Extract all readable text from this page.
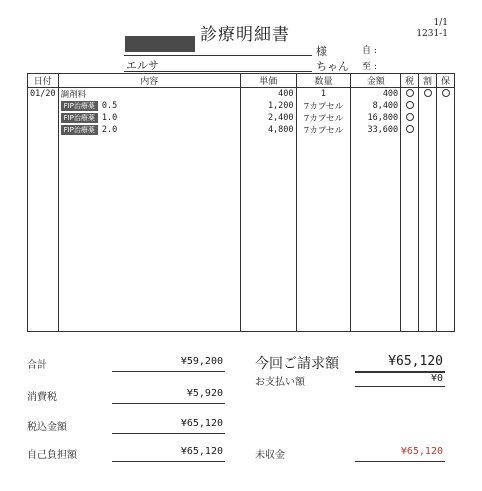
診療明細書
1/1
1231-1
様
エルサ	ちゃん
自 :
至 :
日付	内容	単価	数量	金額	税	割	保
01/20	調剤料	400	1	400			
	FIP治療薬 0.5	1,200	7カプセル	8,400			
	FIP治療薬 1.0	2,400	7カプセル	16,800			
	FIP治療薬 2.0	4,800	7カプセル	33,600			

合計	¥59,200
消費税	¥5,920
税込金額	¥65,120
自己負担額	¥65,120
今回ご請求額	¥65,120
お支払い額	¥0
未収金	¥65,120
